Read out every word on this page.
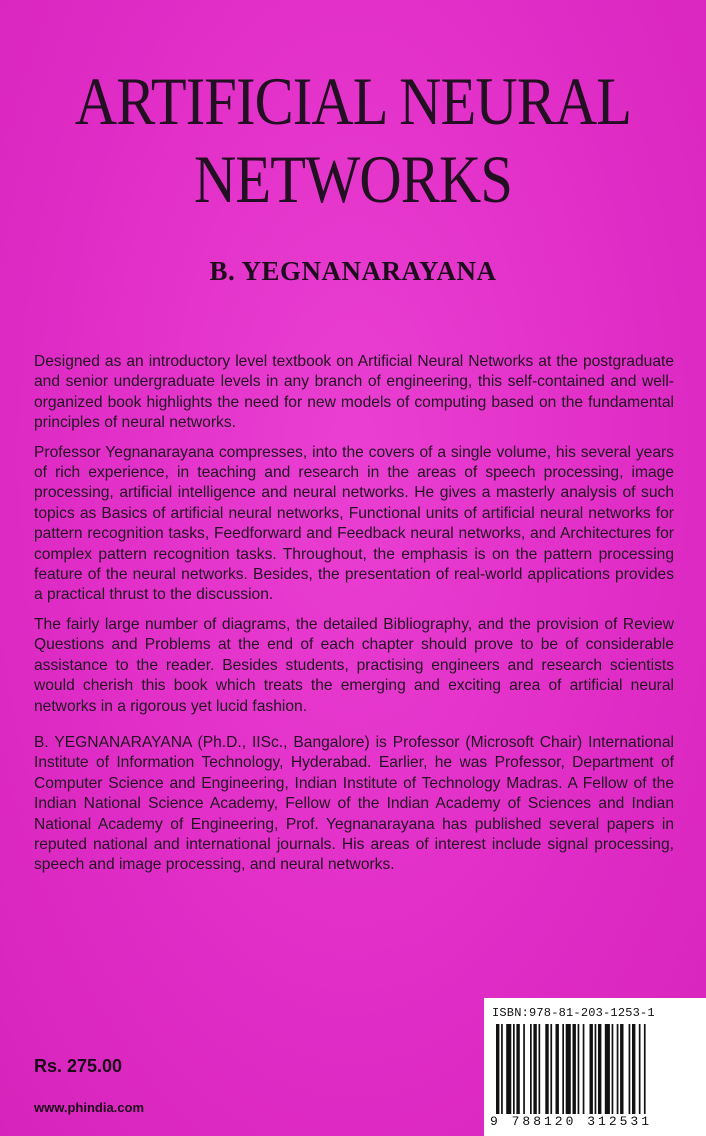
ARTIFICIAL NEURAL
NETWORKS
B. YEGNANARAYANA

Designed as an introductory level textbook on Artificial Neural Networks at the postgraduate and senior undergraduate levels in any branch of engineering, this self-contained and well-organized book highlights the need for new models of computing based on the fundamental principles of neural networks.

Professor Yegnanarayana compresses, into the covers of a single volume, his several years of rich experience, in teaching and research in the areas of speech processing, image processing, artificial intelligence and neural networks. He gives a masterly analysis of such topics as Basics of artificial neural networks, Functional units of artificial neural networks for pattern recognition tasks, Feedforward and Feedback neural networks, and Architectures for complex pattern recognition tasks. Throughout, the emphasis is on the pattern processing feature of the neural networks. Besides, the presentation of real-world applications provides a practical thrust to the discussion.

The fairly large number of diagrams, the detailed Bibliography, and the provision of Review Questions and Problems at the end of each chapter should prove to be of considerable assistance to the reader. Besides students, practising engineers and research scientists would cherish this book which treats the emerging and exciting area of artificial neural networks in a rigorous yet lucid fashion.

B. YEGNANARAYANA (Ph.D., IISc., Bangalore) is Professor (Microsoft Chair) International Institute of Information Technology, Hyderabad. Earlier, he was Professor, Department of Computer Science and Engineering, Indian Institute of Technology Madras. A Fellow of the Indian National Science Academy, Fellow of the Indian Academy of Sciences and Indian National Academy of Engineering, Prof. Yegnanarayana has published several papers in reputed national and international journals. His areas of interest include signal processing, speech and image processing, and neural networks.

Rs. 275.00
www.phindia.com
ISBN:978-81-203-1253-1
9 788120 312531
